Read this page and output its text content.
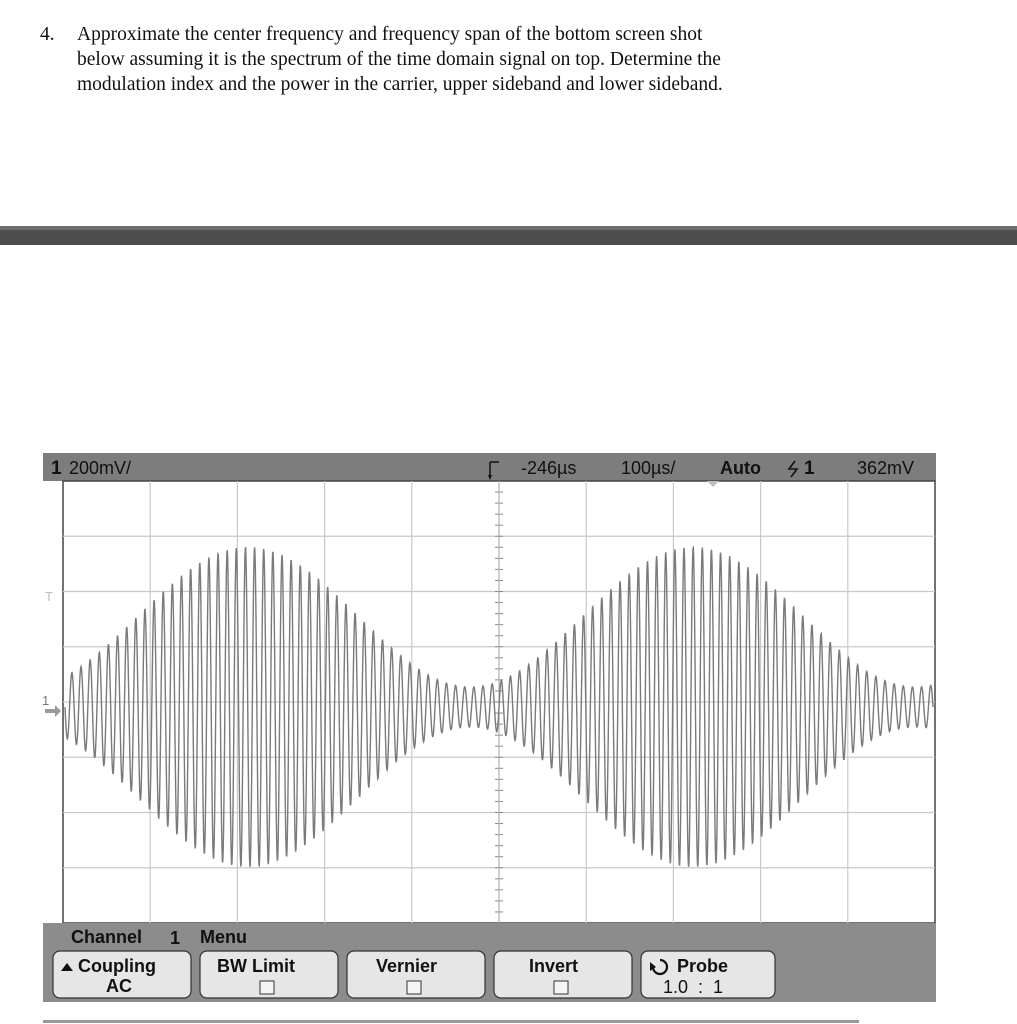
4. Approximate the center frequency and frequency span of the bottom screen shot
below assuming it is the spectrum of the time domain signal on top. Determine the
modulation index and the power in the carrier, upper sideband and lower sideband.
T
1
1 200mV/	-246µs 100µs/ Auto 1 362mV
Channel 1 Menu
Coupling
AC
BW Limit	Vernier	Invert	Probe
1.0  :  1
